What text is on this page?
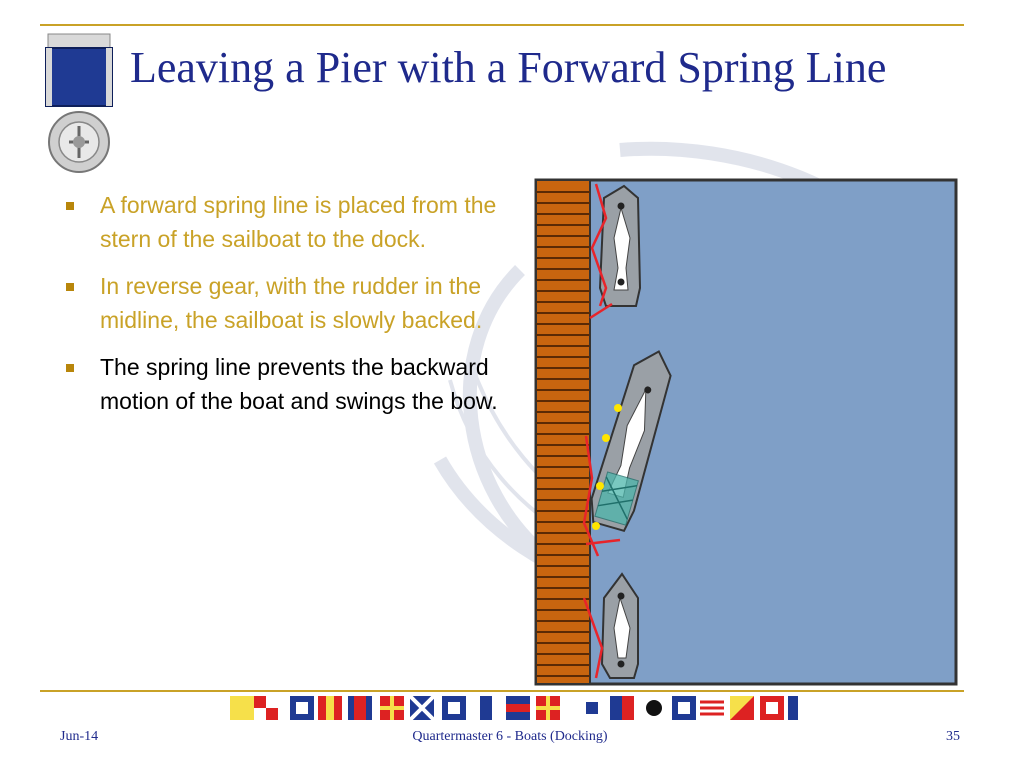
Leaving a Pier with a Forward Spring Line
A forward spring line is placed from the stern of the sailboat to the dock.
In reverse gear, with the rudder in the midline, the sailboat is slowly backed.
The spring line prevents the backward motion of the boat and swings the bow.
Jun-14	Quartermaster 6 - Boats (Docking)	35
